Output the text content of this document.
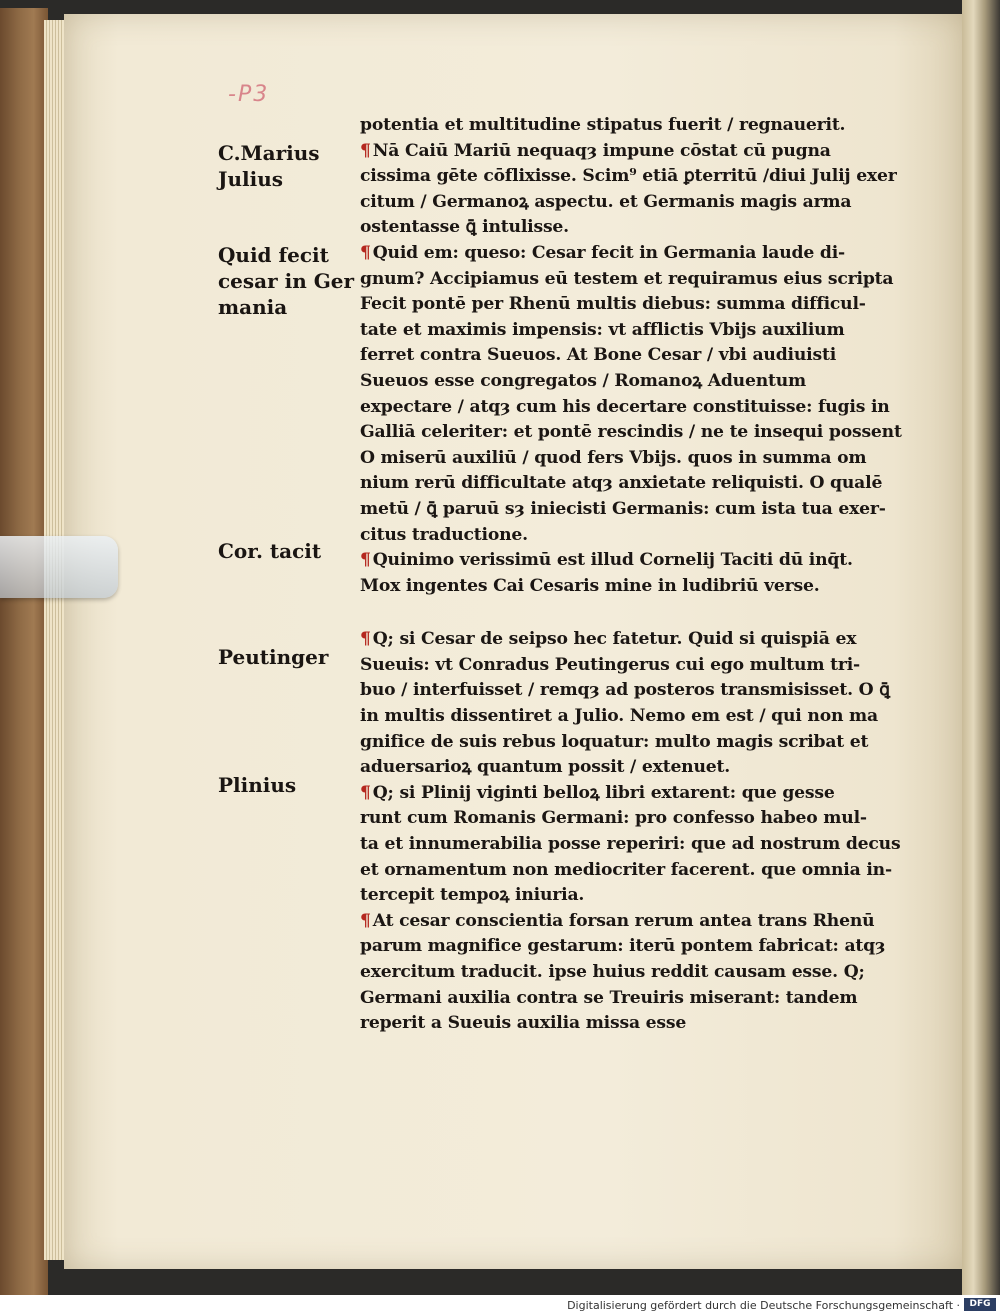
-P3
C.Marius
Julius
Quid fecit
cesar in Ger
mania
Cor. tacit
Peutinger
Plinius
potentia et multitudine stipatus fuerit / regnauerit.
¶ Nā Caiū Mariū nequaqȝ impune cōstat cū pugna
cissima gēte cōflixisse. Scim⁹ etiā ꝑterritū /diui Julij exer
citum / Germanoꝝ aspectu. et Germanis magis arma
ostentasse ꝗ̄ intulisse.
¶ Quid em: queso: Cesar fecit in Germania laude di-
gnum? Accipiamus eū testem et requiramus eius scripta
Fecit pontē per Rhenū multis diebus: summa difficul-
tate et maximis impensis: vt afflictis Vbijs auxilium
ferret contra Sueuos. At Bone Cesar / vbi audiuisti
Sueuos esse congregatos / Romanoꝝ Aduentum
expectare / atqȝ cum his decertare constituisse: fugis in
Galliā celeriter: et pontē rescindis / ne te insequi possent
O miserū auxiliū / quod fers Vbijs. quos in summa om
nium rerū difficultate atqȝ anxietate reliquisti. O qualē
metū / ꝗ̄ paruū sȝ iniecisti Germanis: cum ista tua exer-
citus traductione.
¶ Quinimo verissimū est illud Cornelij Taciti dū inq̄t.
Mox ingentes Cai Cesaris mine in ludibriū verse.
¶ Q; si Cesar de seipso hec fatetur. Quid si quispiā ex
Sueuis: vt Conradus Peutingerus cui ego multum tri-
buo / interfuisset / remqȝ ad posteros transmisisset. O ꝗ̄
in multis dissentiret a Julio. Nemo em est / qui non ma
gnifice de suis rebus loquatur: multo magis scribat et
aduersarioꝝ quantum possit / extenuet.
¶ Q; si Plinij viginti belloꝝ libri extarent: que gesse
runt cum Romanis Germani: pro confesso habeo mul-
ta et innumerabilia posse reperiri: que ad nostrum decus
et ornamentum non mediocriter facerent. que omnia in-
tercepit tempoꝝ iniuria.
¶ At cesar conscientia forsan rerum antea trans Rhenū
parum magnifice gestarum: iterū pontem fabricat: atqȝ
exercitum traducit. ipse huius reddit causam esse. Q;
Germani auxilia contra se Treuiris miserant: tandem
reperit a Sueuis auxilia missa esse
Digitalisierung gefördert durch die Deutsche Forschungsgemeinschaft ·	DFG
